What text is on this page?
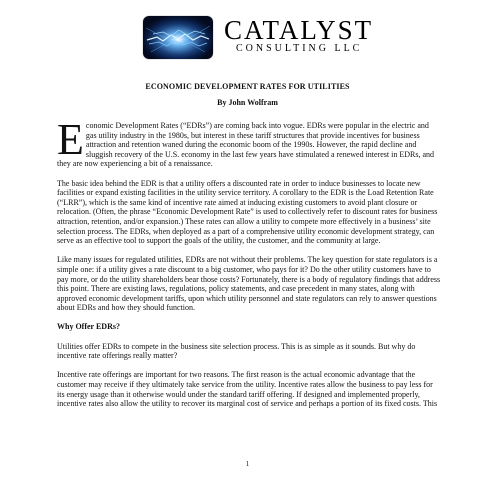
CATALYST
CONSULTING LLC
ECONOMIC DEVELOPMENT RATES FOR UTILITIES
By John Wolfram

Economic Development Rates (“EDRs”) are coming back into vogue. EDRs were popular in the electric and gas utility industry in the 1980s, but interest in these tariff structures that provide incentives for business attraction and retention waned during the economic boom of the 1990s. However, the rapid decline and sluggish recovery of the U.S. economy in the last few years have stimulated a renewed interest in EDRs, and they are now experiencing a bit of a renaissance.

The basic idea behind the EDR is that a utility offers a discounted rate in order to induce businesses to locate new facilities or expand existing facilities in the utility service territory. A corollary to the EDR is the Load Retention Rate (“LRR”), which is the same kind of incentive rate aimed at inducing existing customers to avoid plant closure or relocation. (Often, the phrase “Economic Development Rate” is used to collectively refer to discount rates for business attraction, retention, and/or expansion.) These rates can allow a utility to compete more effectively in a business’ site selection process. The EDRs, when deployed as a part of a comprehensive utility economic development strategy, can serve as an effective tool to support the goals of the utility, the customer, and the community at large.

Like many issues for regulated utilities, EDRs are not without their problems. The key question for state regulators is a simple one: if a utility gives a rate discount to a big customer, who pays for it? Do the other utility customers have to pay more, or do the utility shareholders bear those costs? Fortunately, there is a body of regulatory findings that address this point. There are existing laws, regulations, policy statements, and case precedent in many states, along with approved economic development tariffs, upon which utility personnel and state regulators can rely to answer questions about EDRs and how they should function.

Why Offer EDRs?

Utilities offer EDRs to compete in the business site selection process. This is as simple as it sounds. But why do incentive rate offerings really matter?

Incentive rate offerings are important for two reasons. The first reason is the actual economic advantage that the customer may receive if they ultimately take service from the utility. Incentive rates allow the business to pay less for its energy usage than it otherwise would under the standard tariff offering. If designed and implemented properly, incentive rates also allow the utility to recover its marginal cost of service and perhaps a portion of its fixed costs. This

1
